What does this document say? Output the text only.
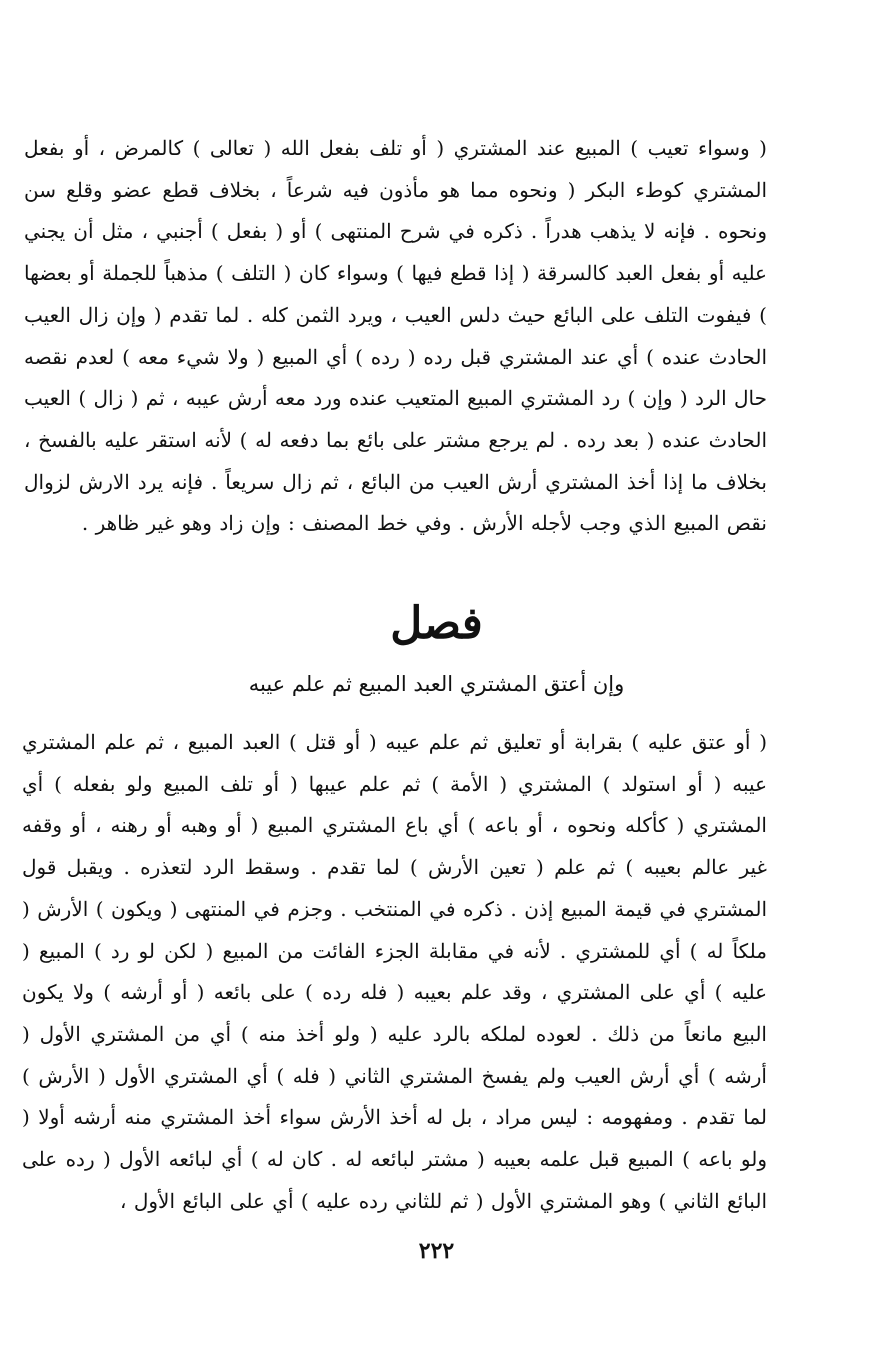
( وسواء تعيب ) المبيع عند المشتري ( أو تلف بفعل الله ( تعالى ) كالمرض ، أو بفعل المشتري كوطء البكر ( ونحوه مما هو مأذون فيه شرعاً ، بخلاف قطع عضو وقلع سن ونحوه . فإنه لا يذهب هدراً . ذكره في شرح المنتهى ) أو ( بفعل ) أجنبي ، مثل أن يجني عليه أو بفعل العبد كالسرقة ( إذا قطع فيها ) وسواء كان ( التلف ) مذهباً للجملة أو بعضها ) فيفوت التلف على البائع حيث دلس العيب ، ويرد الثمن كله . لما تقدم ( وإن زال العيب الحادث عنده ) أي عند المشتري قبل رده ( رده ) أي المبيع ( ولا شيء معه ) لعدم نقصه حال الرد ( وإن ) رد المشتري المبيع المتعيب عنده ورد معه أرش عيبه ، ثم ( زال ) العيب الحادث عنده ( بعد رده . لم يرجع مشتر على بائع بما دفعه له ) لأنه استقر عليه بالفسخ ، بخلاف ما إذا أخذ المشتري أرش العيب من البائع ، ثم زال سريعاً . فإنه يرد الارش لزوال نقص المبيع الذي وجب لأجله الأرش . وفي خط المصنف : وإن زاد وهو غير ظاهر .

فصل
وإن أعتق المشتري العبد المبيع ثم علم عيبه

( أو عتق عليه ) بقرابة أو تعليق ثم علم عيبه ( أو قتل ) العبد المبيع ، ثم علم المشتري عيبه ( أو استولد ) المشتري ( الأمة ) ثم علم عيبها ( أو تلف المبيع ولو بفعله ) أي المشتري ( كأكله ونحوه ، أو باعه ) أي باع المشتري المبيع ( أو وهبه أو رهنه ، أو وقفه غير عالم بعيبه ) ثم علم ( تعين الأرش ) لما تقدم . وسقط الرد لتعذره . ويقبل قول المشتري في قيمة المبيع إذن . ذكره في المنتخب . وجزم في المنتهى ( ويكون ) الأرش ( ملكاً له ) أي للمشتري . لأنه في مقابلة الجزء الفائت من المبيع ( لكن لو رد ) المبيع ( عليه ) أي على المشتري ، وقد علم بعيبه ( فله رده ) على بائعه ( أو أرشه ) ولا يكون البيع مانعاً من ذلك . لعوده لملكه بالرد عليه ( ولو أخذ منه ) أي من المشتري الأول ( أرشه ) أي أرش العيب ولم يفسخ المشتري الثاني ( فله ) أي المشتري الأول ( الأرش ) لما تقدم . ومفهومه : ليس مراد ، بل له أخذ الأرش سواء أخذ المشتري منه أرشه أولا ( ولو باعه ) المبيع قبل علمه بعيبه ( مشتر لبائعه له . كان له ) أي لبائعه الأول ( رده على البائع الثاني ) وهو المشتري الأول ( ثم للثاني رده عليه ) أي على البائع الأول ،

٢٢٢
